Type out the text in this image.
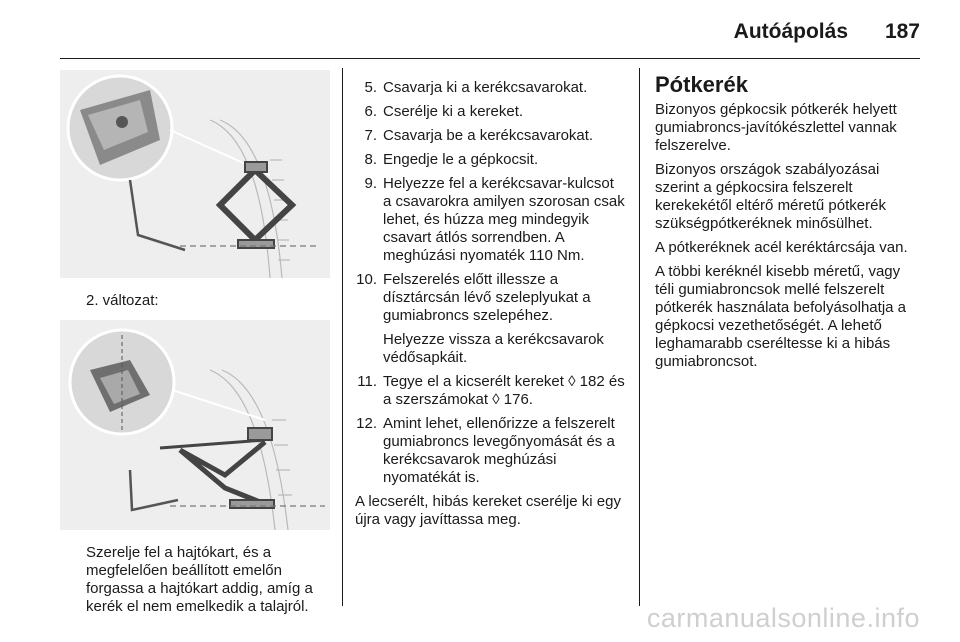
Autóápolás 187
2. változat:
Szerelje fel a hajtókart, és a megfelelően beállított emelőn forgassa a hajtókart addig, amíg a kerék el nem emelkedik a talajról.
5. Csavarja ki a kerékcsavarokat.
6. Cserélje ki a kereket.
7. Csavarja be a kerékcsavarokat.
8. Engedje le a gépkocsit.
9. Helyezze fel a kerékcsavar-kulcsot a csavarokra amilyen szorosan csak lehet, és húzza meg mindegyik csavart átlós sorrendben. A meghúzási nyomaték 110 Nm.
10. Felszerelés előtt illessze a dísztárcsán lévő szeleplyukat a gumiabroncs szelepéhez.
Helyezze vissza a kerékcsavarok védősapkáit.
11. Tegye el a kicserélt kereket ◊ 182 és a szerszámokat ◊ 176.
12. Amint lehet, ellenőrizze a felszerelt gumiabroncs levegőnyomását és a kerékcsavarok meghúzási nyomatékát is.
A lecserélt, hibás kereket cserélje ki egy újra vagy javíttassa meg.
Pótkerék

Bizonyos gépkocsik pótkerék helyett gumiabroncs-javítókészlettel vannak felszerelve.

Bizonyos országok szabályozásai szerint a gépkocsira felszerelt kerekekétől eltérő méretű pótkerék szükségpótkeréknek minősülhet.

A pótkeréknek acél keréktárcsája van.

A többi keréknél kisebb méretű, vagy téli gumiabroncsok mellé felszerelt pótkerék használata befolyásolhatja a gépkocsi vezethetőségét. A lehető leghamarabb cseréltesse ki a hibás gumiabroncsot.

carmanualsonline.info
